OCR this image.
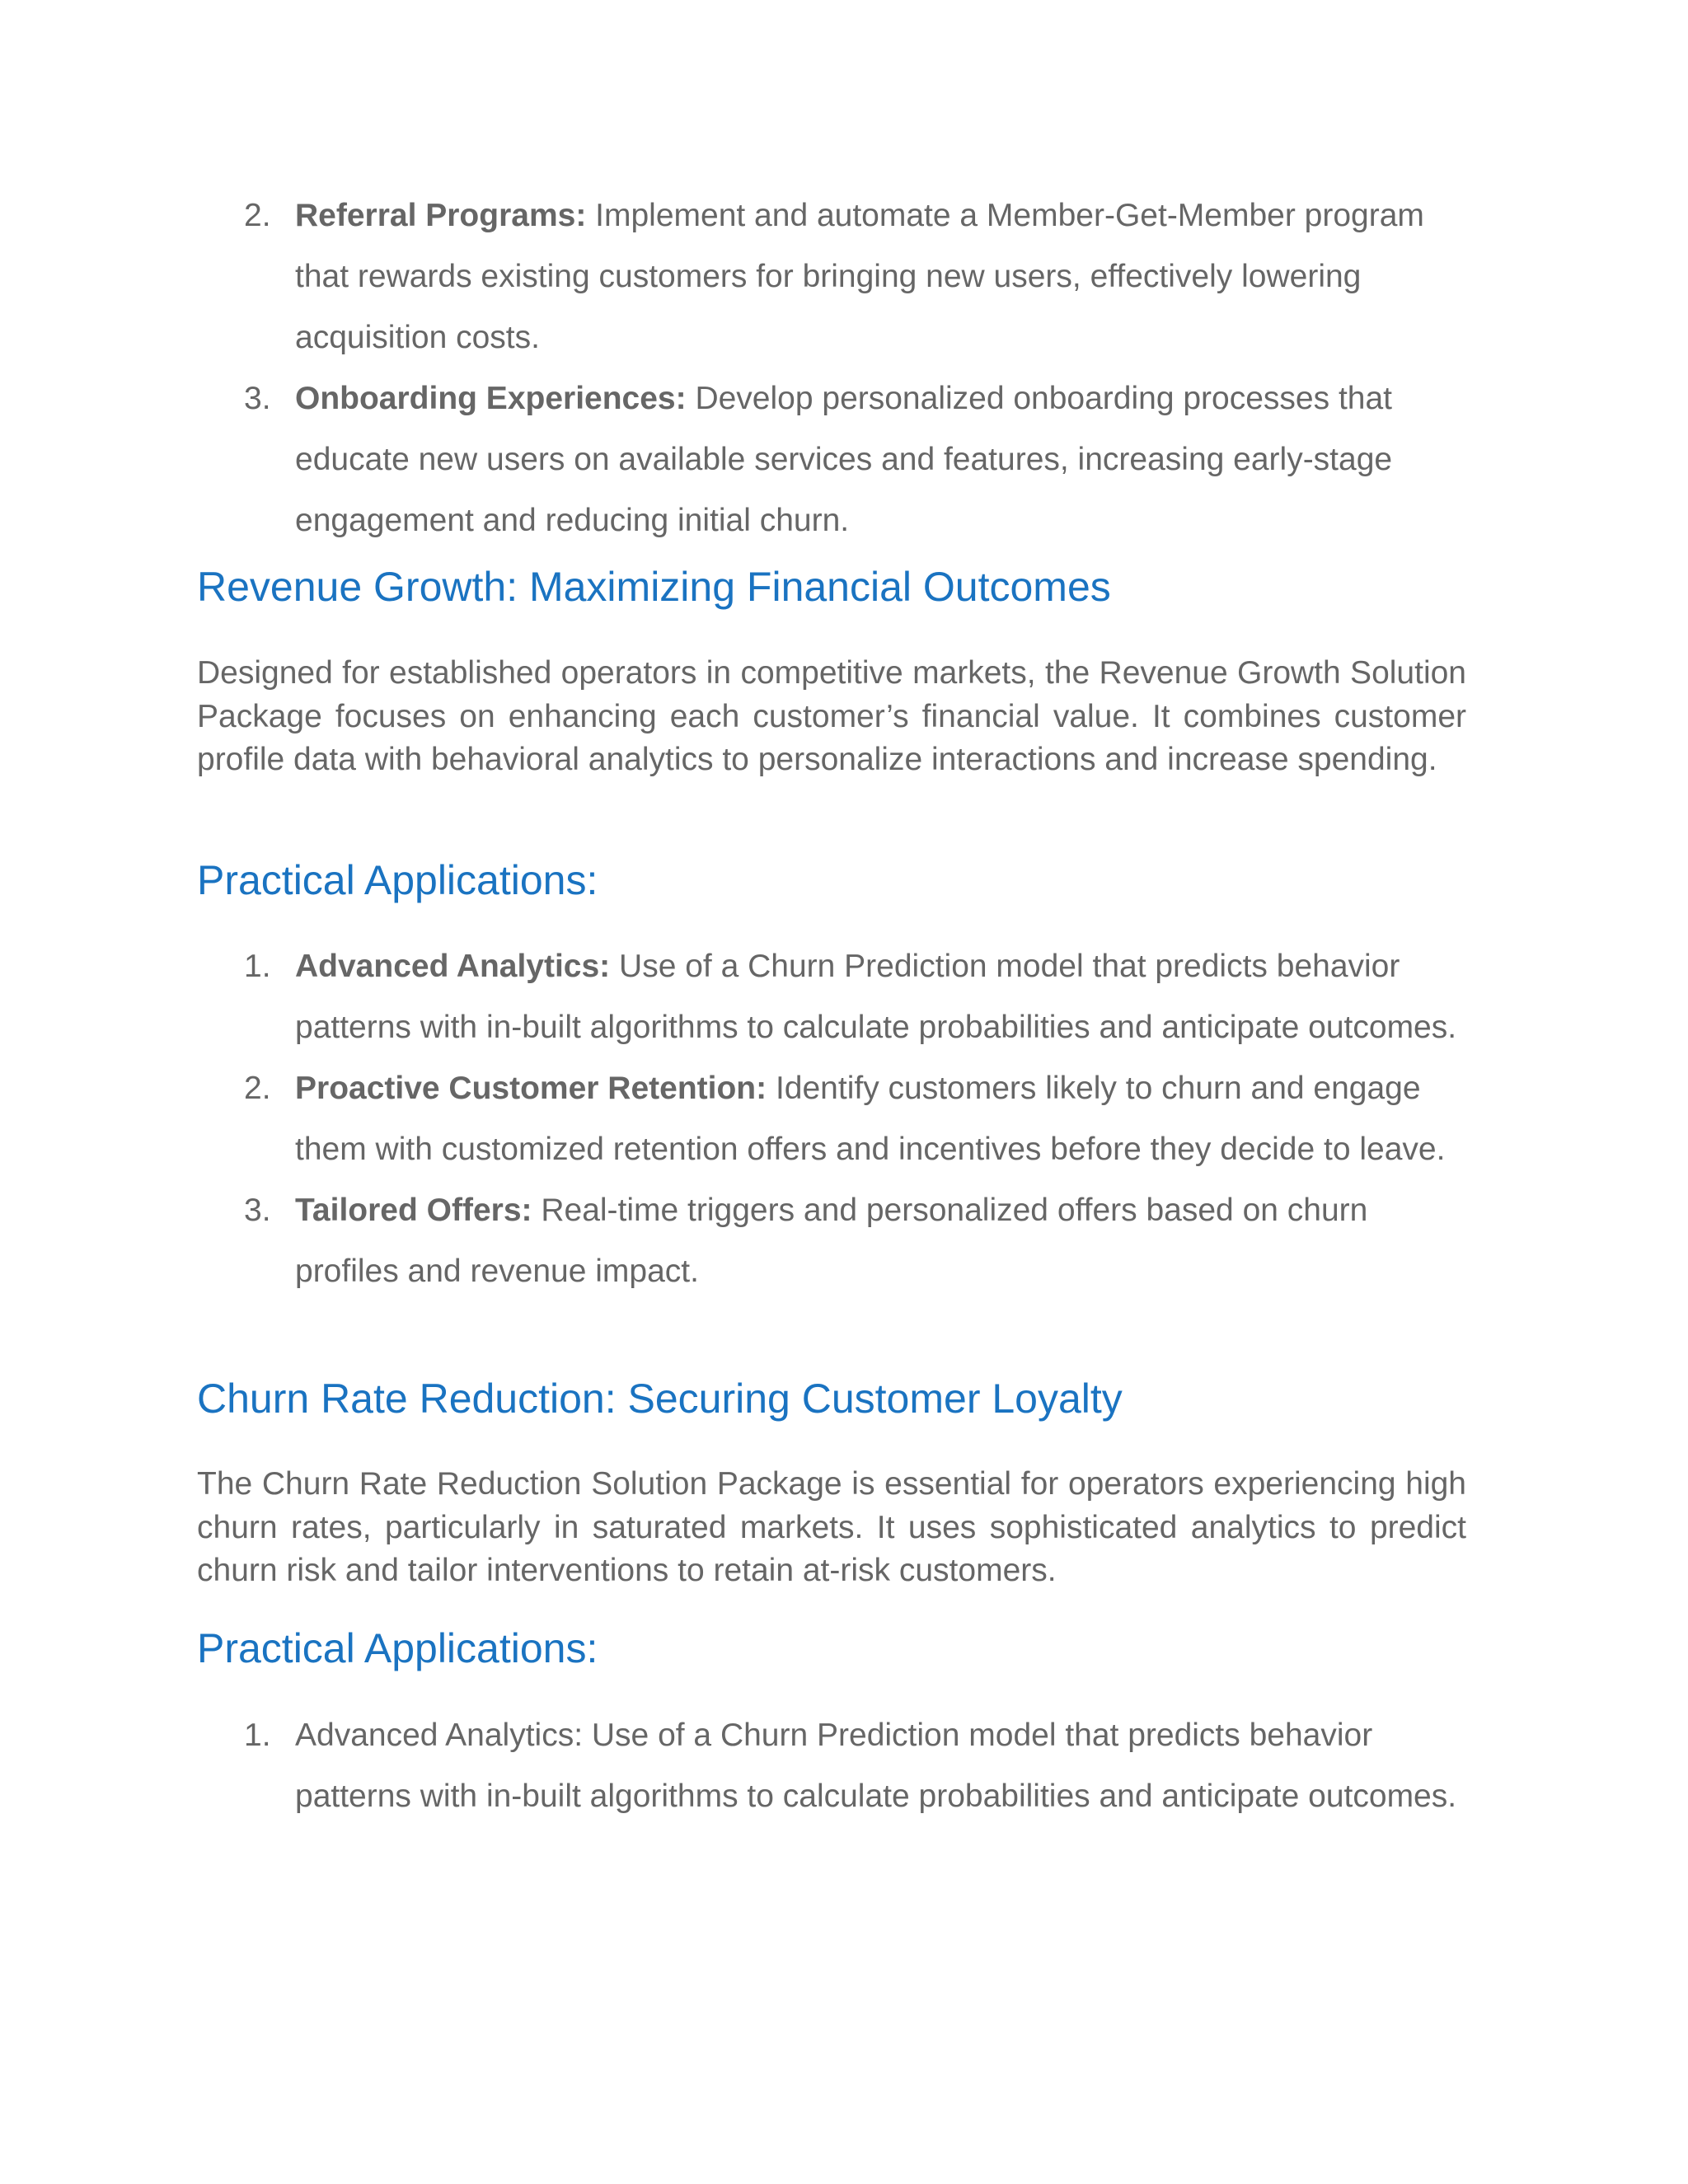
2. Referral Programs: Implement and automate a Member-Get-Member program that rewards existing customers for bringing new users, effectively lowering acquisition costs.
3. Onboarding Experiences: Develop personalized onboarding processes that educate new users on available services and features, increasing early-stage engagement and reducing initial churn.
Revenue Growth: Maximizing Financial Outcomes

Designed for established operators in competitive markets, the Revenue Growth Solution Package focuses on enhancing each customer’s financial value. It combines customer profile data with behavioral analytics to personalize interactions and increase spending.

Practical Applications:
1. Advanced Analytics: Use of a Churn Prediction model that predicts behavior patterns with in-built algorithms to calculate probabilities and anticipate outcomes.
2. Proactive Customer Retention: Identify customers likely to churn and engage them with customized retention offers and incentives before they decide to leave.
3. Tailored Offers: Real-time triggers and personalized offers based on churn profiles and revenue impact.
Churn Rate Reduction: Securing Customer Loyalty

The Churn Rate Reduction Solution Package is essential for operators experiencing high churn rates, particularly in saturated markets. It uses sophisticated analytics to predict churn risk and tailor interventions to retain at-risk customers.

Practical Applications:
1. Advanced Analytics: Use of a Churn Prediction model that predicts behavior patterns with in-built algorithms to calculate probabilities and anticipate outcomes.
